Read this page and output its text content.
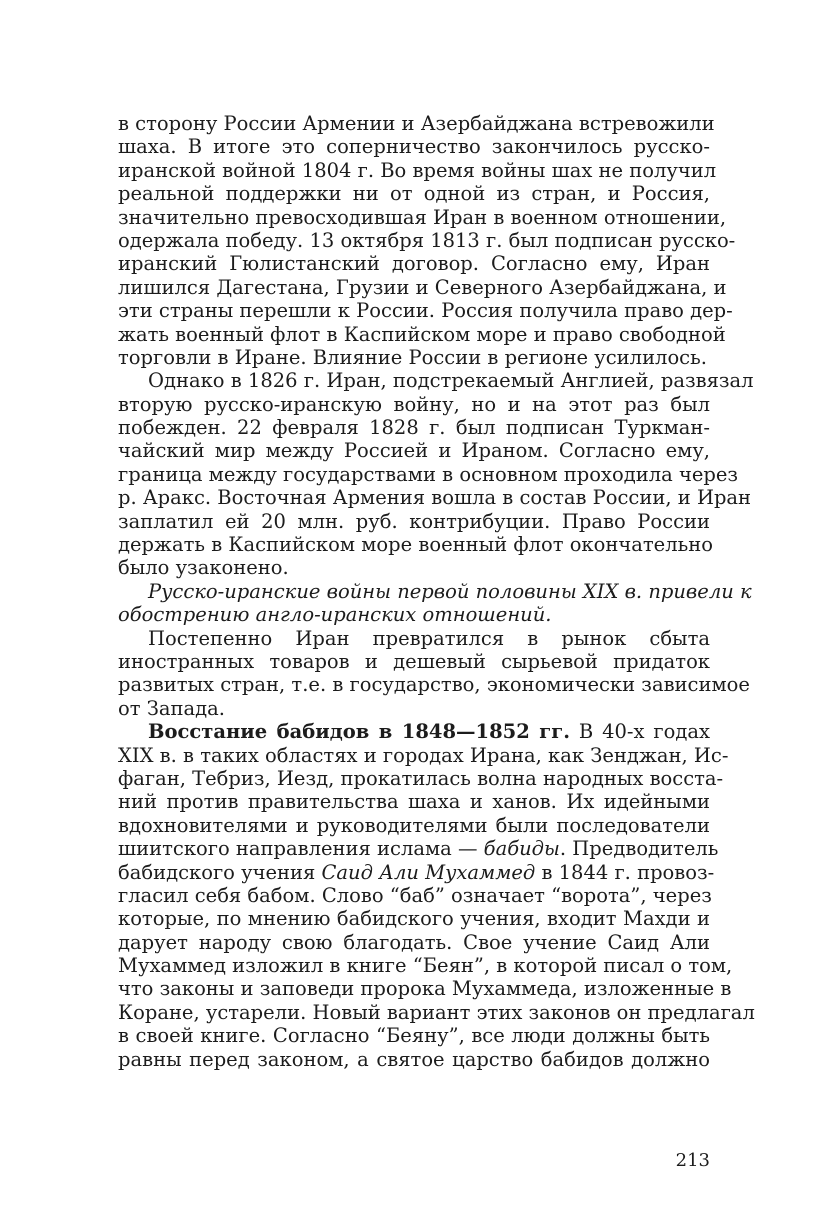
в сторону России Армении и Азербайджана встревожили
шаха. В итоге это соперничество закончилось русско-
иранской войной 1804 г. Во время войны шах не получил
реальной поддержки ни от одной из стран, и Россия,
значительно превосходившая Иран в военном отношении,
одержала победу. 13 октября 1813 г. был подписан русско-
иранский Гюлистанский договор. Согласно ему, Иран
лишился Дагестана, Грузии и Северного Азербайджана, и
эти страны перешли к России. Россия получила право дер-
жать военный флот в Каспийском море и право свободной
торговли в Иране. Влияние России в регионе усилилось.
Однако в 1826 г. Иран, подстрекаемый Англией, развязал
вторую русско-иранскую войну, но и на этот раз был
побежден. 22 февраля 1828 г. был подписан Туркман-
чайский мир между Россией и Ираном. Согласно ему,
граница между государствами в основном проходила через
р. Аракс. Восточная Армения вошла в состав России, и Иран
заплатил ей 20 млн. руб. контрибуции. Право России
держать в Каспийском море военный флот окончательно
было узаконено.
Русско-иранские войны первой половины XIX в. привели к
обострению англо-иранских отношений.
Постепенно Иран превратился в рынок сбыта
иностранных товаров и дешевый сырьевой придаток
развитых стран, т.е. в государство, экономически зависимое
от Запада.
Восстание бабидов в 1848—1852 гг. В 40-х годах
XIX в. в таких областях и городах Ирана, как Зенджан, Ис-
фаган, Тебриз, Иезд, прокатилась волна народных восста-
ний против правительства шаха и ханов. Их идейными
вдохновителями и руководителями были последователи
шиитского направления ислама — бабиды. Предводитель
бабидского учения Саид Али Мухаммед в 1844 г. провоз-
гласил себя бабом. Слово “баб” означает “ворота”, через
которые, по мнению бабидского учения, входит Махди и
дарует народу свою благодать. Свое учение Саид Али
Мухаммед изложил в книге “Беян”, в которой писал о том,
что законы и заповеди пророка Мухаммеда, изложенные в
Коране, устарели. Новый вариант этих законов он предлагал
в своей книге. Согласно “Беяну”, все люди должны быть
равны перед законом, а святое царство бабидов должно
213
